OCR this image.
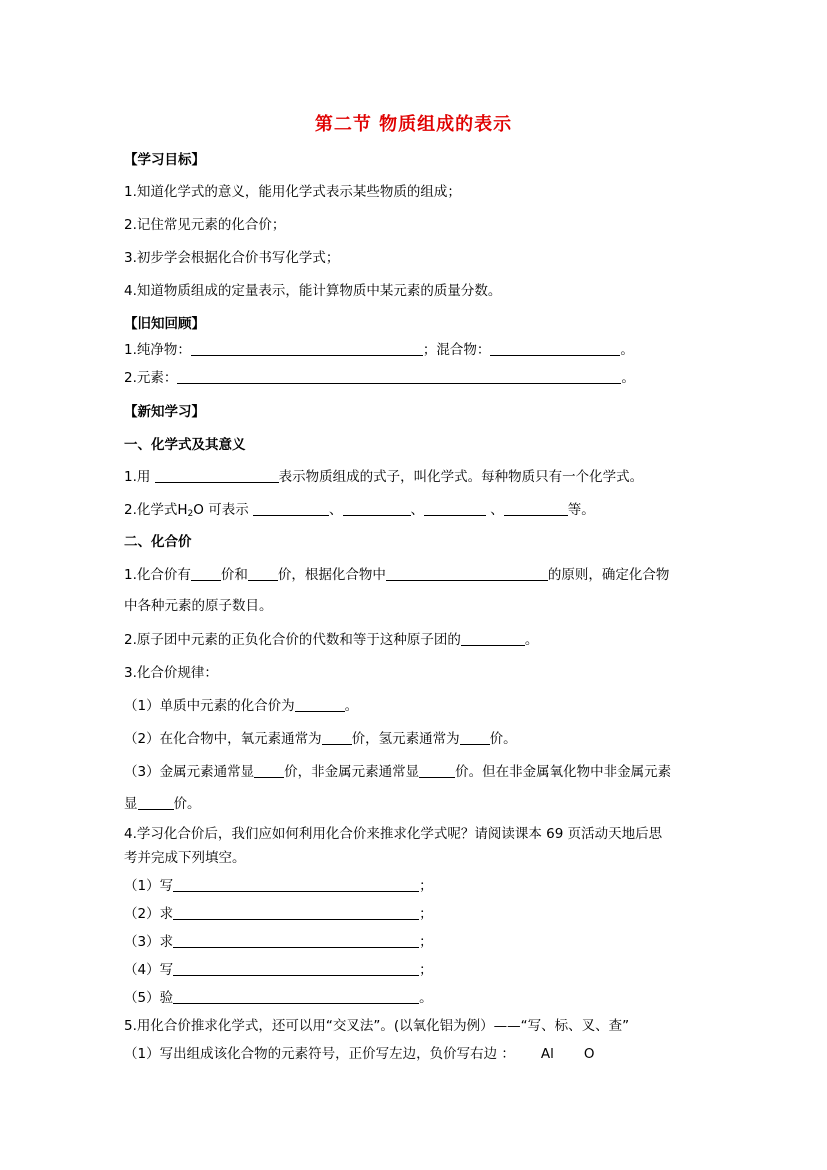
第二节 物质组成的表示
【学习目标】
1.知道化学式的意义，能用化学式表示某些物质的组成；
2.记住常见元素的化合价；
3.初步学会根据化合价书写化学式；
4.知道物质组成的定量表示，能计算物质中某元素的质量分数。
【旧知回顾】
1.纯净物：	；混合物：	。
2.元素：	。
【新知学习】
一、化学式及其意义
1.用	表示物质组成的式子，叫化学式。每种物质只有一个化学式。
2.化学式$H_2O$ 可表示	、	、	、	等。
二、化合价
1.化合价有 价和 价，根据化合物中	的原则，确定化合物
中各种元素的原子数目。
2.原子团中元素的正负化合价的代数和等于这种原子团的	。
3.化合价规律：
（1）单质中元素的化合价为	。
（2）在化合物中，氧元素通常为 价，氢元素通常为 价。
（3）金属元素通常显 价，非金属元素通常显	价。但在非金属氧化物中非金属元素
显	价。
4.学习化合价后，我们应如何利用化合价来推求化学式呢？请阅读课本 69 页活动天地后思
考并完成下列填空。
（1）写	；
（2）求	；
（3）求	；
（4）写	；
（5）验	。
5.用化合价推求化学式，还可以用“交叉法”。(以氧化铝为例）——“写、标、叉、查”
（1）写出组成该化合物的元素符号，正价写左边，负价写右边 ： Al O
